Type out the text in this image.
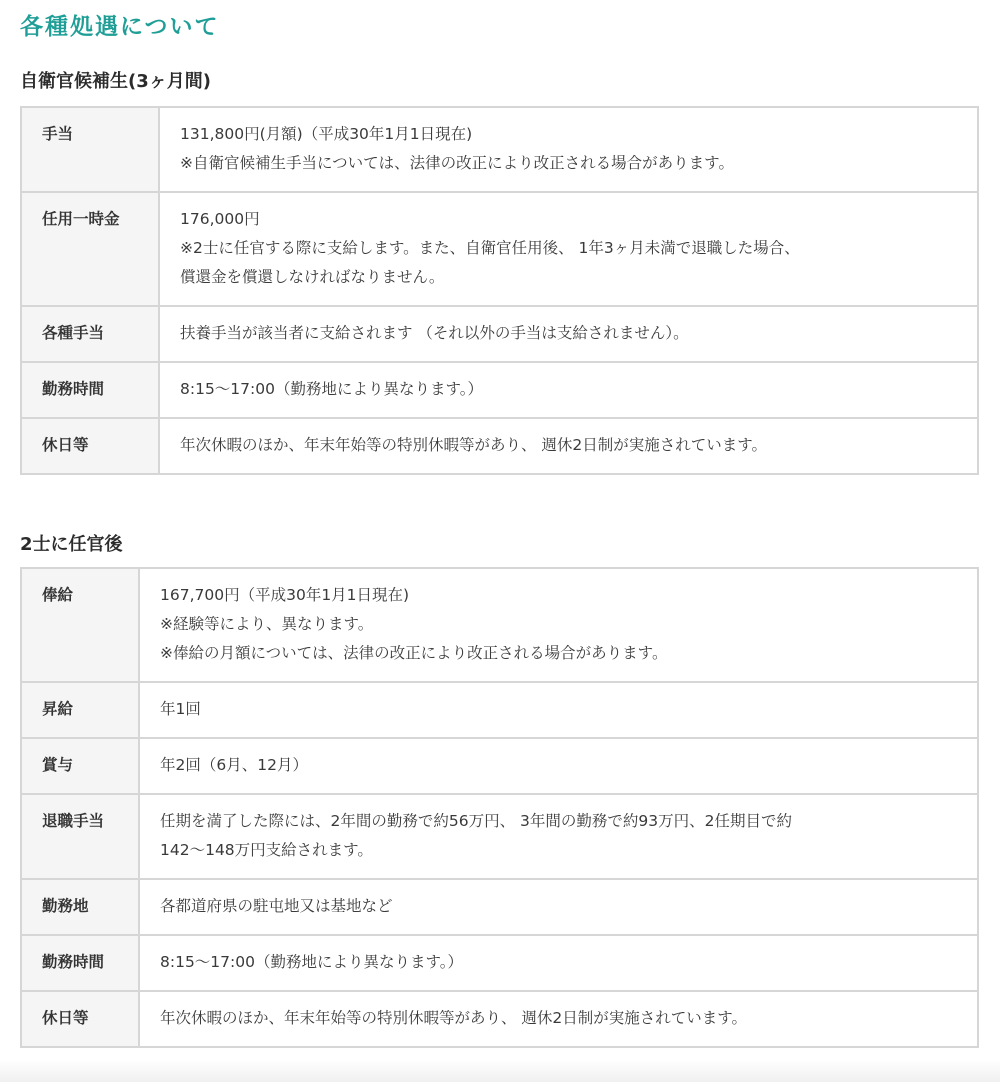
各種処遇について
自衛官候補生(3ヶ月間)
手当	131,800円(月額)（平成30年1月1日現在)
※自衛官候補生手当については、法律の改正により改正される場合があります。

任用一時金	176,000円
※2士に任官する際に支給します。また、自衛官任用後、 1年3ヶ月未満で退職した場合、
償還金を償還しなければなりません。

各種手当	扶養手当が該当者に支給されます （それ以外の手当は支給されません）。

勤務時間	8:15～17:00（勤務地により異なります。）

休日等	年次休暇のほか、年末年始等の特別休暇等があり、 週休2日制が実施されています。
2士に任官後
俸給	167,700円（平成30年1月1日現在)
※経験等により、異なります。
※俸給の月額については、法律の改正により改正される場合があります。

昇給	年1回

賞与	年2回（6月、12月）

退職手当	任期を満了した際には、2年間の勤務で約56万円、 3年間の勤務で約93万円、2任期目で約
142～148万円支給されます。

勤務地	各都道府県の駐屯地又は基地など

勤務時間	8:15～17:00（勤務地により異なります。）

休日等	年次休暇のほか、年末年始等の特別休暇等があり、 週休2日制が実施されています。
